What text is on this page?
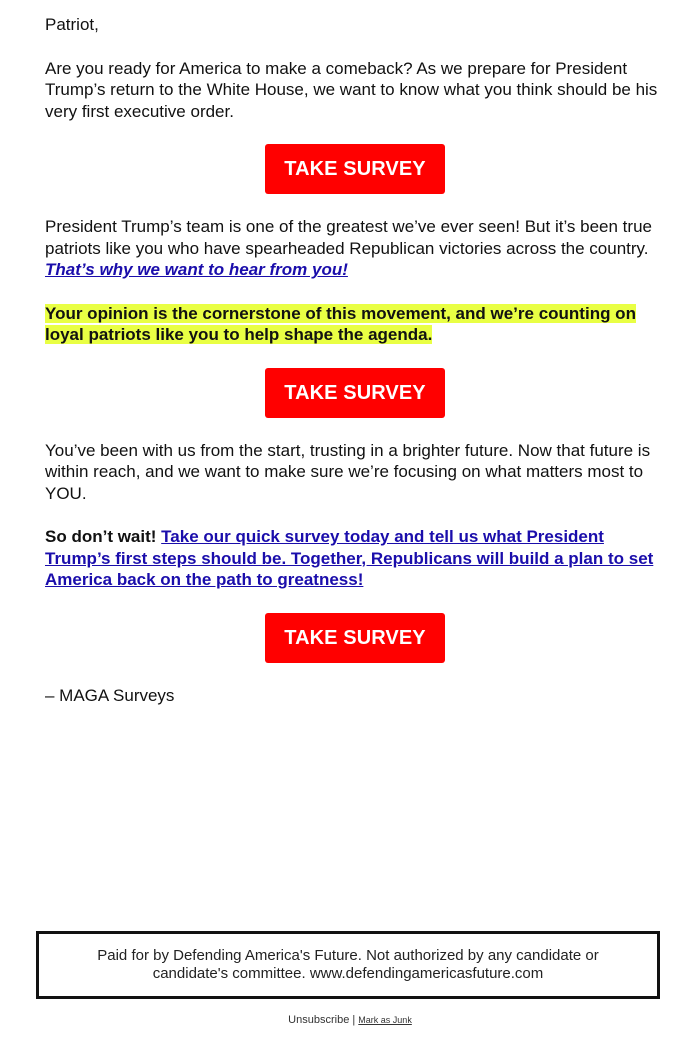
Patriot,

Are you ready for America to make a comeback? As we prepare for President Trump’s return to the White House, we want to know what you think should be his very first executive order.

TAKE SURVEY

President Trump’s team is one of the greatest we’ve ever seen! But it’s been true patriots like you who have spearheaded Republican victories across the country. That’s why we want to hear from you!

Your opinion is the cornerstone of this movement, and we’re counting on loyal patriots like you to help shape the agenda.

TAKE SURVEY

You’ve been with us from the start, trusting in a brighter future. Now that future is within reach, and we want to make sure we’re focusing on what matters most to YOU.

So don’t wait! Take our quick survey today and tell us what President Trump’s first steps should be. Together, Republicans will build a plan to set America back on the path to greatness!

TAKE SURVEY

– MAGA Surveys

Paid for by Defending America's Future. Not authorized by any candidate or candidate's committee. www.defendingamericasfuture.com
Unsubscribe | Mark as Junk
